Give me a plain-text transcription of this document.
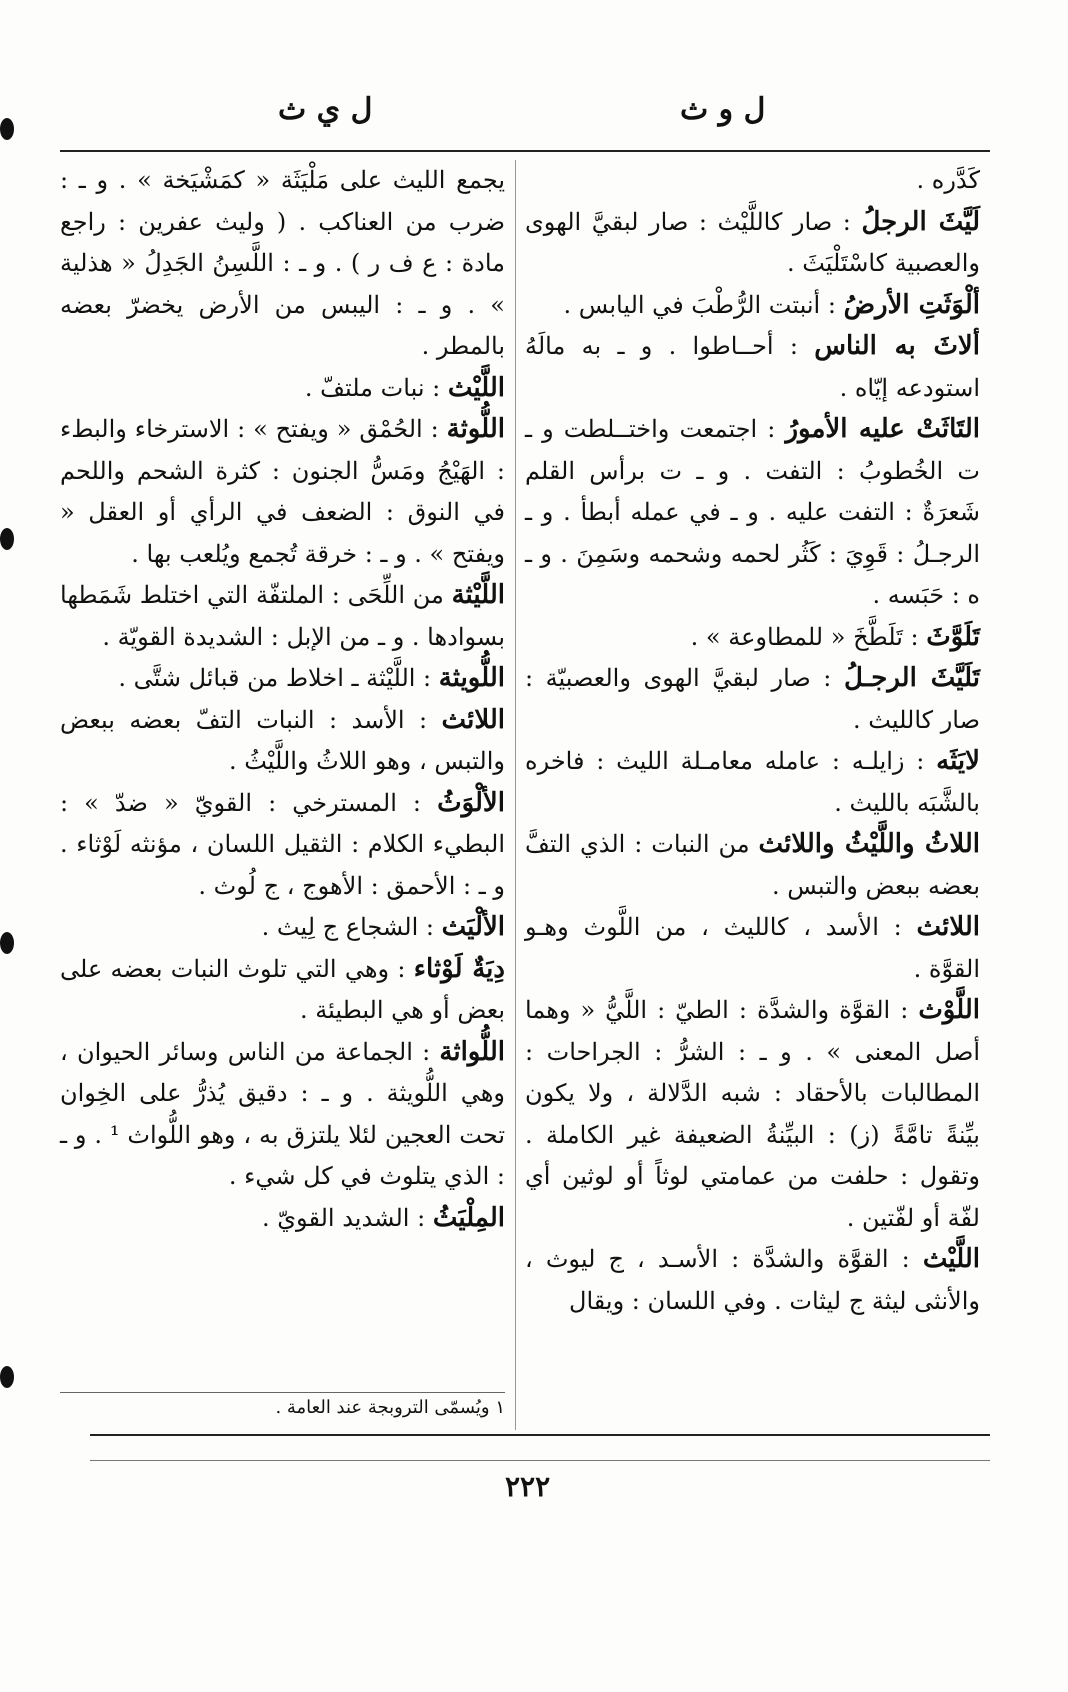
ل و ث
ل ي ث

كَدَّره .

لَيَّثَ الرجلُ : صار كاللَّيْث : صار لبقيَّ الهوى والعصبية كاسْتَلْيَثَ .

ألْوَثَتِ الأرضُ : أنبتت الرُّطْبَ في اليابس .

ألاثَ به الناس : أحــاطوا . و ـ به مالَهُ استودعه إيّاه .

التَاثَتْ عليه الأمورُ : اجتمعت واختــلطت و ـ ت الخُطوبُ : التفت . و ـ ت برأس القلم شَعرَةٌ : التفت عليه . و ـ في عمله أبطأ . و ـ الرجـلُ : قَوِيَ : كَثُر لحمه وشحمه وسَمِنَ . و ـ ه : حَبَسه .

تَلَوَّثَ : تَلَطَّخَ « للمطاوعة » .

تَلَيَّثَ الرجـلُ : صار لبقيَّ الهوى والعصبيّة : صار كالليث .

لايَثَه : زايلـه : عامله معامـلة الليث : فاخره بالشَّبَه بالليث .

اللاثُ واللَّيْثُ واللائث من النبات : الذي التفَّ بعضه ببعض والتبس .

اللائث : الأسد ، كالليث ، من اللَّوث وهـو القوَّة .

اللَّوْث : القوَّة والشدَّة : الطيّ : اللَّيُّ « وهما أصل المعنى » . و ـ : الشرُّ : الجراحات : المطالبات بالأحقاد : شبه الدَّلالة ، ولا يكون بيِّنةً تامَّةً (ز) : البيِّنةُ الضعيفة غير الكاملة . وتقول : حلفت من عمامتي لوثاً أو لوثين أي لفّة أو لفّتين .

اللَّيْث : القوَّة والشدَّة : الأسـد ، ج ليوث ، والأنثى ليثة ج ليثات . وفي اللسان : ويقال

يجمع الليث على مَلْيَثَة « كمَشْيَخة » . و ـ : ضرب من العناكب . ( وليث عفرين : راجع مادة : ع ف ر ) . و ـ : اللَّسِنُ الجَدِلُ « هذلية » . و ـ : اليبس من الأرض يخضرّ بعضه بالمطر .

اللَّيْث : نبات ملتفّ .

اللُّوثة : الحُمْق « ويفتح » : الاسترخاء والبطء : الهَيْجُ ومَسُّ الجنون : كثرة الشحم واللحم في النوق : الضعف في الرأي أو العقل « ويفتح » . و ـ : خرقة تُجمع ويُلعب بها .

اللَّيْثة من اللِّحَى : الملتفّة التي اختلط شَمَطها بسوادها . و ـ من الإبل : الشديدة القويّة .

اللُّويثة : اللَّيْثة ـ اخلاط من قبائل شتَّى .

اللائث : الأسد : النبات التفّ بعضه ببعض والتبس ، وهو اللاثُ واللَّيْثُ .

الألْوَثُ : المسترخي : القويّ « ضدّ » : البطيء الكلام : الثقيل اللسان ، مؤنثه لَوْثاء . و ـ : الأحمق : الأهوج ، ج لُوث .

الألْيَث : الشجاع ج لِيث .

دِيَةٌ لَوْثاء : وهي التي تلوث النبات بعضه على بعض أو هي البطيئة .

اللُّواثة : الجماعة من الناس وسائر الحيوان ، وهي اللُّويثة . و ـ : دقيق يُذرُّ على الخِوان تحت العجين لئلا يلتزق به ، وهو اللُّواث ¹ . و ـ : الذي يتلوث في كل شيء .

المِلْيَثُ : الشديد القويّ .

١ ويُسمّى التروبجة عند العامة .
٢٢٢
